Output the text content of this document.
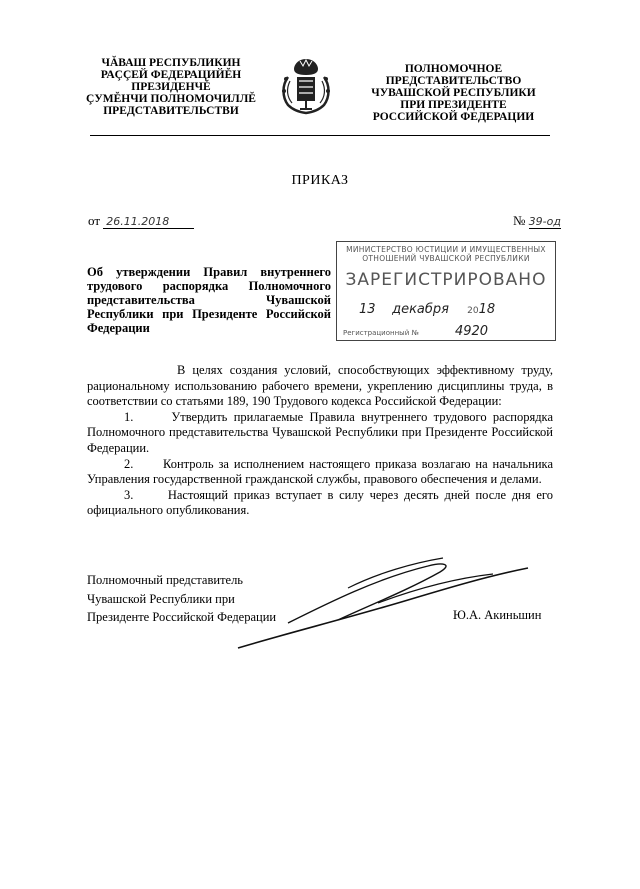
ЧĂВАШ РЕСПУБЛИКИН
РАÇÇЕЙ ФЕДЕРАЦИЙĔН
ПРЕЗИДЕНЧĔ
ÇУМĔНЧИ ПОЛНОМОЧИЛЛĔ
ПРЕДСТАВИТЕЛЬСТВИ
ПОЛНОМОЧНОЕ
ПРЕДСТАВИТЕЛЬСТВО
ЧУВАШСКОЙ РЕСПУБЛИКИ
ПРИ ПРЕЗИДЕНТЕ
РОССИЙСКОЙ ФЕДЕРАЦИИ
ПРИКАЗ
от 26.11.2018	№ 39-од
Об утверждении Правил внутреннего трудового распорядка Полномочного представительства Чувашской Республики при Президенте Российской Федерации
МИНИСТЕРСТВО ЮСТИЦИИ И ИМУЩЕСТВЕННЫХ
ОТНОШЕНИЙ ЧУВАШСКОЙ РЕСПУБЛИКИ
ЗАРЕГИСТРИРОВАНО
13 декабря 2018
Регистрационный №	4920

В целях создания условий, способствующих эффективному труду, рациональному использованию рабочего времени, укреплению дисциплины труда, в соответствии со статьями 189, 190 Трудового кодекса Российской Федерации:

1.      Утвердить прилагаемые Правила внутреннего трудового распорядка Полномочного представительства Чувашской Республики при Президенте Российской Федерации.

2.      Контроль за исполнением настоящего приказа возлагаю на начальника Управления государственной гражданской службы, правового обеспечения и делами.

3.      Настоящий приказ вступает в силу через десять дней после дня его официального опубликования.

Полномочный представитель
Чувашской Республики при
Президенте Российской Федерации	Ю.А. Акиньшин
